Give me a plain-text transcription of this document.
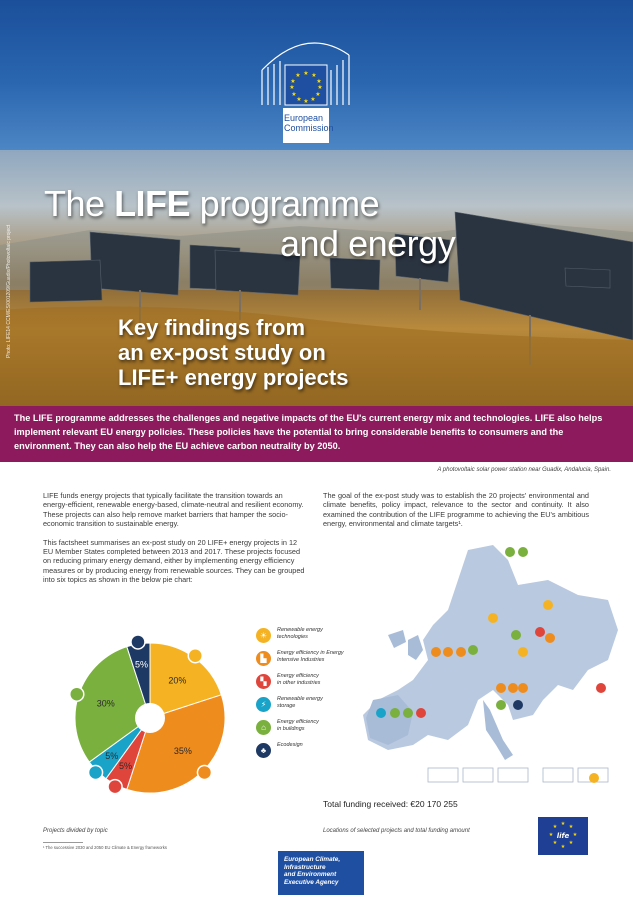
★ ★
★
★
★
★
★
★
★
★
★
★
European
Commission
The LIFE programme
and energy
Key findings from
an ex-post study on
LIFE+ energy projects
Photo: LIFE14 CCM/ES/001209/Guadix/Photovoltaic project
The LIFE programme addresses the challenges and negative impacts of the EU's current energy mix and technologies. LIFE also helps implement relevant EU energy policies. These policies have the potential to bring considerable benefits to consumers and the environment. They can also help the EU achieve carbon neutrality by 2050.
A photovoltaic solar power station near Guadix, Andalucia, Spain.

LIFE funds energy projects that typically facilitate the transition towards an energy-efficient, renewable energy-based, climate-neutral and resilient economy. These projects can also help remove market barriers that hamper the socio-economic transition to sustainable energy.

This factsheet summarises an ex-post study on 20 LIFE+ energy projects in 12 EU Member States completed between 2013 and 2017. These projects focused on reducing primary energy demand, either by implementing energy efficiency measures or by producing energy from renewable sources. They can be grouped into six topics as shown in the below pie chart:

The goal of the ex-post study was to establish the 20 projects' environmental and climate benefits, policy impact, relevance to the sector and continuity. It also examined the contribution of the LIFE programme to achieving the EU's ambitious energy, environmental and climate targets¹.

20%
35%
5%
5%
30%
5%
☀
Renewable energy
technologies
▙
Energy efficiency in Energy
Intensive Industries
▚
Energy efficiency
in other industries
⚡
Renewable energy
storage
⌂
Energy efficiency
in buildings
♣
Ecodesign
Total funding received: €20 170 255
Projects divided by topic	Locations of selected projects and total funding amount
¹ The successive 2030 and 2050 EU Climate & Energy frameworks
European Climate,
Infrastructure
and Environment
Executive Agency
★ ★
★
★
★
★
★
★
life
